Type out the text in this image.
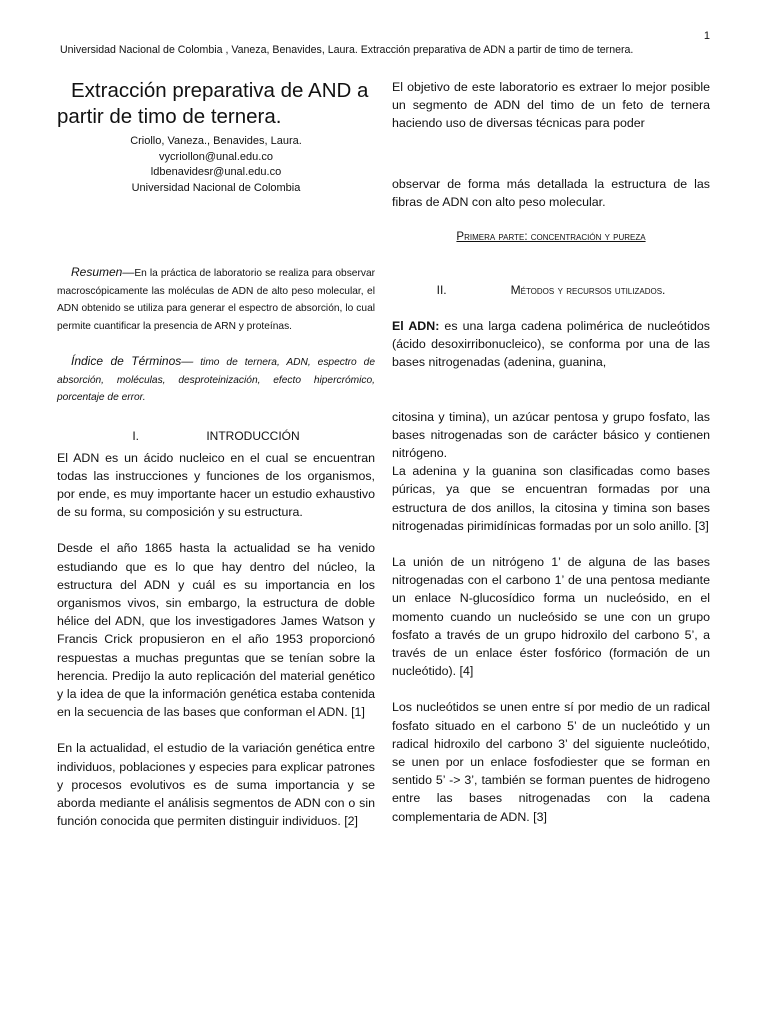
1
Universidad Nacional de Colombia , Vaneza, Benavides, Laura. Extracción preparativa de ADN a partir de timo de ternera.
Extracción preparativa de AND a
partir de timo de ternera.
Criollo, Vaneza., Benavides, Laura.
vycriollon@unal.edu.co
ldbenavidesr@unal.edu.co
Universidad Nacional de Colombia
Resumen—En la práctica de laboratorio se realiza para observar macroscópicamente las moléculas de ADN de alto peso molecular, el ADN obtenido se utiliza para generar el espectro de absorción, lo cual permite cuantificar la presencia de ARN y proteínas.
Índice de Términos— timo de ternera, ADN, espectro de absorción, moléculas, desproteinización, efecto hipercrómico, porcentaje de error.
I.	INTRODUCCIÓN

El ADN es un ácido nucleico en el cual se encuentran todas las instrucciones y funciones de los organismos, por ende, es muy importante hacer un estudio exhaustivo de su forma, su composición y su estructura.

Desde el año 1865 hasta la actualidad se ha venido estudiando que es lo que hay dentro del núcleo, la estructura del ADN y cuál es su importancia en los organismos vivos, sin embargo, la estructura de doble hélice del ADN, que los investigadores James Watson y Francis Crick propusieron en el año 1953 proporcionó respuestas a muchas preguntas que se tenían sobre la herencia. Predijo la auto replicación del material genético y la idea de que la información genética estaba contenida en la secuencia de las bases que conforman el ADN. [1]

En la actualidad, el estudio de la variación genética entre individuos, poblaciones y especies para explicar patrones y procesos evolutivos es de suma importancia y se aborda mediante el análisis segmentos de ADN con o sin función conocida que permiten distinguir individuos. [2]

El objetivo de este laboratorio es extraer lo mejor posible un segmento de ADN del timo de un feto de ternera haciendo uso de diversas técnicas para poder

observar de forma más detallada la estructura de las fibras de ADN con alto peso molecular.

Primera parte: concentración y pureza
II.	Métodos y recursos utilizados.

El ADN: es una larga cadena polimérica de nucleótidos (ácido desoxirribonucleico), se conforma por una de las bases nitrogenadas (adenina, guanina,

citosina y timina), un azúcar pentosa y grupo fosfato, las bases nitrogenadas son de carácter básico y contienen nitrógeno.

La adenina y la guanina son clasificadas como bases púricas, ya que se encuentran formadas por una estructura de dos anillos, la citosina y timina son bases nitrogenadas pirimidínicas formadas por un solo anillo. [3]

La unión de un nitrógeno 1’ de alguna de las bases nitrogenadas con el carbono 1’ de una pentosa mediante un enlace N-glucosídico forma un nucleósido, en el momento cuando un nucleósido se une con un grupo fosfato a través de un grupo hidroxilo del carbono 5’, a través de un enlace éster fosfórico (formación de un nucleótido). [4]

Los nucleótidos se unen entre sí por medio de un radical fosfato situado en el carbono 5’ de un nucleótido y un radical hidroxilo del carbono 3’ del siguiente nucleótido, se unen por un enlace fosfodiester que se forman en sentido 5’ -> 3’, también se forman puentes de hidrogeno entre las bases nitrogenadas con la cadena complementaria de ADN. [3]
